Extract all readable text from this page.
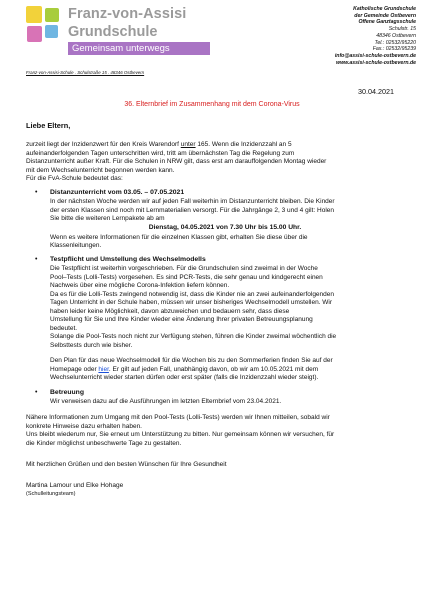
Franz-von-Assisi
Grundschule
Gemeinsam unterwegs
Katholische Grundschule
der Gemeinde Ostbevern
Offene Ganztagsschule
Schulstr. 15
48346 Ostbevern
Tel.: 02532/95220
Fax.: 02532/95239
info@assisi-schule-ostbevern.de
www.assisi-schule-ostbevern.de
Franz-von-Assisi-Schule . Schulstraße 15 . 48346 Ostbevern
30.04.2021
36. Elternbrief im Zusammenhang mit dem Corona-Virus
Liebe Eltern,
zurzeit liegt der Inzidenzwert für den Kreis Warendorf unter 165. Wenn die Inzidenzzahl an 5
aufeinanderfolgenden Tagen unterschritten wird, tritt am übernächsten Tag die Regelung zum
Distanzunterricht außer Kraft. Für die Schulen in NRW gilt, dass erst am darauffolgenden Montag wieder
mit dem Wechselunterricht begonnen werden kann.
Für die FvA-Schule bedeutet das:
• Distanzunterricht vom 03.05. – 07.05.2021
In der nächsten Woche werden wir auf jeden Fall weiterhin im Distanzunterricht bleiben. Die Kinder
der ersten Klassen sind noch mit Lernmaterialien versorgt. Für die Jahrgänge 2, 3 und 4 gilt: Holen
Sie bitte die weiteren Lernpakete ab am
Dienstag, 04.05.2021 von 7.30 Uhr bis 15.00 Uhr.
Wenn es weitere Informationen für die einzelnen Klassen gibt, erhalten Sie diese über die
Klassenleitungen.
• Testpflicht und Umstellung des Wechselmodells
Die Testpflicht ist weiterhin vorgeschrieben. Für die Grundschulen sind zweimal in der Woche
Pool–Tests (Lolli-Tests) vorgesehen. Es sind PCR-Tests, die sehr genau und kindgerecht einen
Nachweis über eine mögliche Corona-Infektion liefern können.
Da es für die Lolli-Tests zwingend notwendig ist, dass die Kinder nie an zwei aufeinanderfolgenden
Tagen Unterricht in der Schule haben, müssen wir unser bisheriges Wechselmodell umstellen. Wir
haben leider keine Möglichkeit, davon abzuweichen und bedauern sehr, dass diese
Umstellung für Sie und Ihre Kinder wieder eine Änderung Ihrer privaten Betreuungsplanung
bedeutet.
Solange die Pool-Tests noch nicht zur Verfügung stehen, führen die Kinder zweimal wöchentlich die
Selbsttests durch wie bisher.
Den Plan für das neue Wechselmodell für die Wochen bis zu den Sommerferien finden Sie auf der
Homepage oder hier. Er gilt auf jeden Fall, unabhängig davon, ob wir am 10.05.2021 mit dem
Wechselunterricht wieder starten dürfen oder erst später (falls die Inzidenzzahl wieder steigt).
• Betreuung
Wir verweisen dazu auf die Ausführungen im letzten Elternbrief vom 23.04.2021.
Nähere Informationen zum Umgang mit den Pool-Tests (Lolli-Tests) werden wir Ihnen mitteilen, sobald wir
konkrete Hinweise dazu erhalten haben.
Uns bleibt wiederum nur, Sie erneut um Unterstützung zu bitten. Nur gemeinsam können wir versuchen, für
die Kinder möglichst unbeschwerte Tage zu gestalten.
Mit herzlichen Grüßen und den besten Wünschen für Ihre Gesundheit
Martina Lamour und Elke Hohage
(Schulleitungsteam)
